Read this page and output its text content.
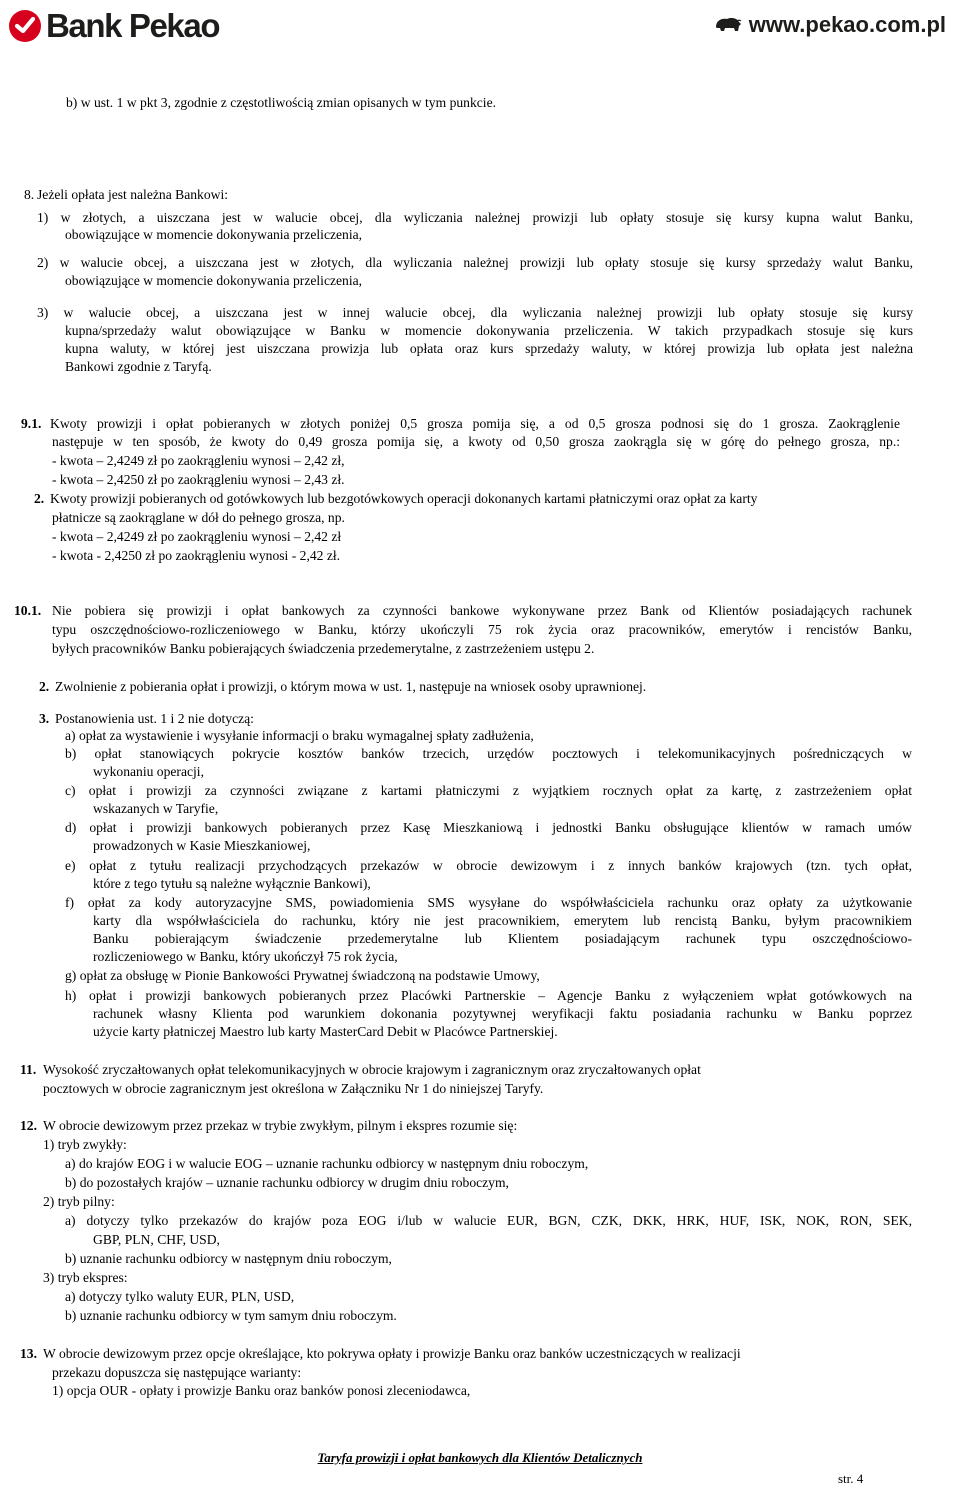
Bank Pekao	www.pekao.com.pl
b) w ust. 1 w pkt 3, zgodnie z częstotliwością zmian opisanych w tym punkcie.
8. Jeżeli opłata jest należna Bankowi:
1) w złotych, a uiszczana jest w walucie obcej, dla wyliczania należnej prowizji lub opłaty stosuje się kursy kupna walut Banku,
obowiązujące w momencie dokonywania przeliczenia,
2) w walucie obcej, a uiszczana jest w złotych, dla wyliczania należnej prowizji lub opłaty stosuje się kursy sprzedaży walut Banku,
obowiązujące w momencie dokonywania przeliczenia,
3) w walucie obcej, a uiszczana jest w innej walucie obcej, dla wyliczania należnej prowizji lub opłaty stosuje się kursy
kupna/sprzedaży walut obowiązujące w Banku w momencie dokonywania przeliczenia. W takich przypadkach stosuje się kurs
kupna waluty, w której jest uiszczana prowizja lub opłata oraz kurs sprzedaży waluty, w której prowizja lub opłata jest należna
Bankowi zgodnie z Taryfą.
9.1. Kwoty prowizji i opłat pobieranych w złotych poniżej 0,5 grosza pomija się, a od 0,5 grosza podnosi się do 1 grosza. Zaokrąglenie
następuje w ten sposób, że kwoty do 0,49 grosza pomija się, a kwoty od 0,50 grosza zaokrągla się w górę do pełnego grosza, np.:
- kwota – 2,4249 zł po zaokrągleniu wynosi – 2,42 zł,
- kwota – 2,4250 zł po zaokrągleniu wynosi – 2,43 zł.
2. Kwoty prowizji pobieranych od gotówkowych lub bezgotówkowych operacji dokonanych kartami płatniczymi oraz opłat za karty
płatnicze są zaokrąglane w dół do pełnego grosza, np.
- kwota – 2,4249 zł po zaokrągleniu wynosi – 2,42 zł
- kwota - 2,4250 zł po zaokrągleniu wynosi - 2,42 zł.
10.1. Nie pobiera się prowizji i opłat bankowych za czynności bankowe wykonywane przez Bank od Klientów posiadających rachunek
typu oszczędnościowo-rozliczeniowego w Banku, którzy ukończyli 75 rok życia oraz pracowników, emerytów i rencistów Banku,
byłych pracowników Banku pobierających świadczenia przedemerytalne, z zastrzeżeniem ustępu 2.
2. Zwolnienie z pobierania opłat i prowizji, o którym mowa w ust. 1, następuje na wniosek osoby uprawnionej.
3. Postanowienia ust. 1 i 2 nie dotyczą:
a) opłat za wystawienie i wysyłanie informacji o braku wymagalnej spłaty zadłużenia,
b) opłat stanowiących pokrycie kosztów banków trzecich, urzędów pocztowych i telekomunikacyjnych pośredniczących w
wykonaniu operacji,
c) opłat i prowizji za czynności związane z kartami płatniczymi z wyjątkiem rocznych opłat za kartę, z zastrzeżeniem opłat
wskazanych w Taryfie,
d) opłat i prowizji bankowych pobieranych przez Kasę Mieszkaniową i jednostki Banku obsługujące klientów w ramach umów
prowadzonych w Kasie Mieszkaniowej,
e) opłat z tytułu realizacji przychodzących przekazów w obrocie dewizowym i z innych banków krajowych (tzn. tych opłat,
które z tego tytułu są należne wyłącznie Bankowi),
f) opłat za kody autoryzacyjne SMS, powiadomienia SMS wysyłane do współwłaściciela rachunku oraz opłaty za użytkowanie
karty dla współwłaściciela do rachunku, który nie jest pracownikiem, emerytem lub rencistą Banku, byłym pracownikiem
Banku pobierającym świadczenie przedemerytalne lub Klientem posiadającym rachunek typu oszczędnościowo-
rozliczeniowego w Banku, który ukończył 75 rok życia,
g) opłat za obsługę w Pionie Bankowości Prywatnej świadczoną na podstawie Umowy,
h) opłat i prowizji bankowych pobieranych przez Placówki Partnerskie – Agencje Banku z wyłączeniem wpłat gotówkowych na
rachunek własny Klienta pod warunkiem dokonania pozytywnej weryfikacji faktu posiadania rachunku w Banku poprzez
użycie karty płatniczej Maestro lub karty MasterCard Debit w Placówce Partnerskiej.
11. Wysokość zryczałtowanych opłat telekomunikacyjnych w obrocie krajowym i zagranicznym oraz zryczałtowanych opłat
pocztowych w obrocie zagranicznym jest określona w Załączniku Nr 1 do niniejszej Taryfy.
12. W obrocie dewizowym przez przekaz w trybie zwykłym, pilnym i ekspres rozumie się:
1) tryb zwykły:
a) do krajów EOG i w walucie EOG – uznanie rachunku odbiorcy w następnym dniu roboczym,
b) do pozostałych krajów – uznanie rachunku odbiorcy w drugim dniu roboczym,
2) tryb pilny:
a) dotyczy tylko przekazów do krajów poza EOG i/lub w walucie EUR, BGN, CZK, DKK, HRK, HUF, ISK, NOK, RON, SEK,
GBP, PLN, CHF, USD,
b) uznanie rachunku odbiorcy w następnym dniu roboczym,
3) tryb ekspres:
a) dotyczy tylko waluty EUR, PLN, USD,
b) uznanie rachunku odbiorcy w tym samym dniu roboczym.
13. W obrocie dewizowym przez opcje określające, kto pokrywa opłaty i prowizje Banku oraz banków uczestniczących w realizacji
przekazu dopuszcza się następujące warianty:
1) opcja OUR - opłaty i prowizje Banku oraz banków ponosi zleceniodawca,
Taryfa prowizji i opłat bankowych dla Klientów Detalicznych
str. 4
